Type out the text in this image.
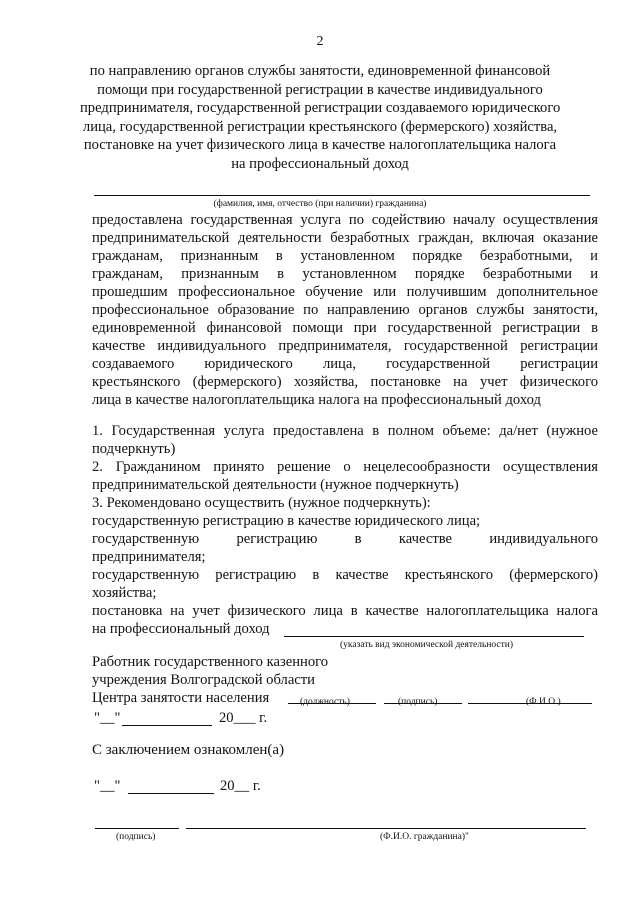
2
по направлению органов службы занятости, единовременной финансовой
помощи при государственной регистрации в качестве индивидуального
предпринимателя, государственной регистрации создаваемого юридического
лица, государственной регистрации крестьянского (фермерского) хозяйства,
постановке на учет физического лица в качестве налогоплательщика налога
на профессиональный доход
(фамилия, имя, отчество (при наличии) гражданина)
предоставлена государственная услуга по содействию началу осуществления
предпринимательской деятельности безработных граждан, включая оказание
гражданам, признанным в установленном порядке безработными, и
гражданам, признанным в установленном порядке безработными и
прошедшим профессиональное обучение или получившим дополнительное
профессиональное образование по направлению органов службы занятости,
единовременной финансовой помощи при государственной регистрации в
качестве индивидуального предпринимателя, государственной регистрации
создаваемого юридического лица, государственной регистрации
крестьянского (фермерского) хозяйства, постановке на учет физического
лица в качестве налогоплательщика налога на профессиональный доход
1. Государственная услуга предоставлена в полном объеме: да/нет (нужное
подчеркнуть)
2. Гражданином принято решение о нецелесообразности осуществления
предпринимательской деятельности (нужное подчеркнуть)
3. Рекомендовано осуществить (нужное подчеркнуть):
государственную регистрацию в качестве юридического лица;
государственную регистрацию в качестве индивидуального
предпринимателя;
государственную регистрацию в качестве крестьянского (фермерского)
хозяйства;
постановка на учет физического лица в качестве налогоплательщика налога
на профессиональный доход
(указать вид экономической деятельности)
Работник государственного казенного
учреждения Волгоградской области
Центра занятости населения	(должность)	(подпись)	(Ф.И.О.)
"__"	20___ г.
С заключением ознакомлен(а)
"__"	20__ г.
(подпись)	(Ф.И.О. гражданина)"
